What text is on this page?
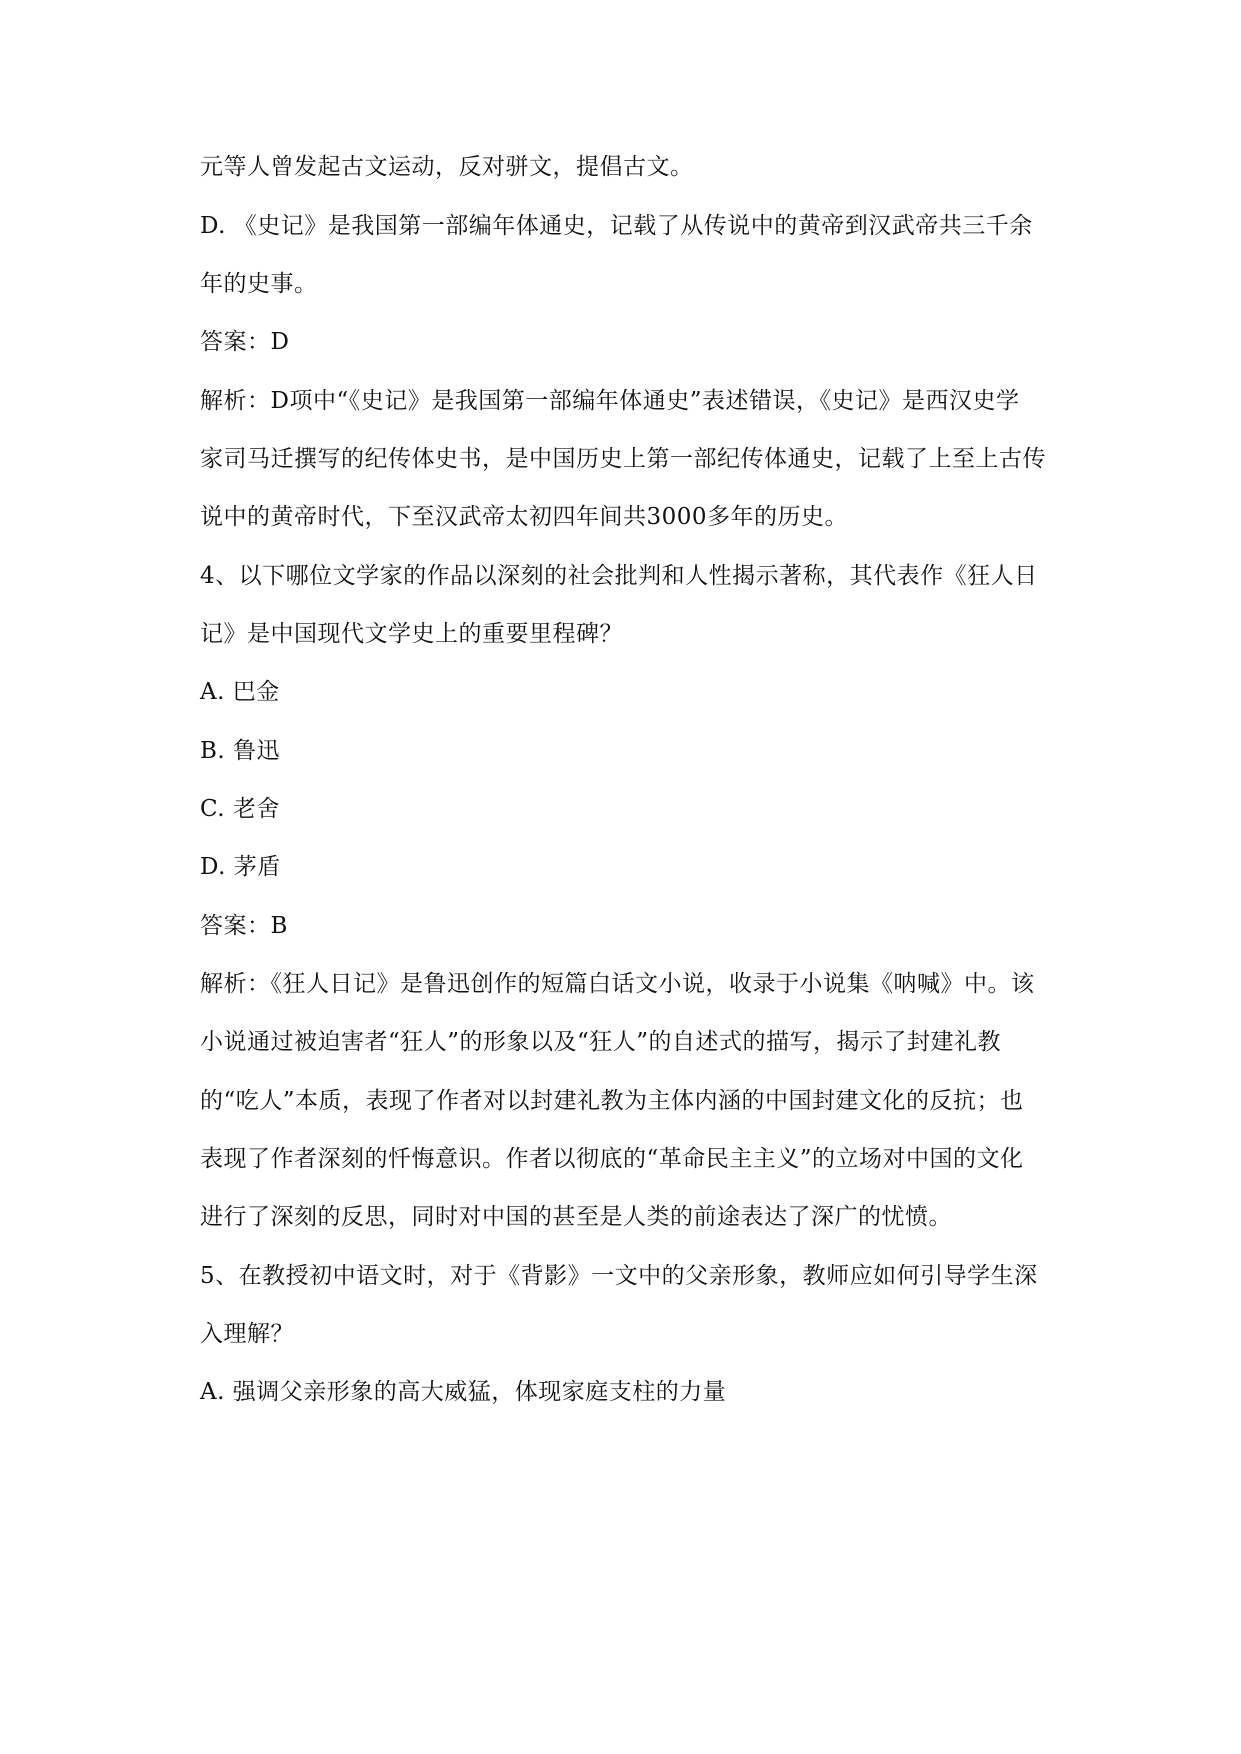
元等人曾发起古文运动，反对骈文，提倡古文。
D. 《史记》是我国第一部编年体通史，记载了从传说中的黄帝到汉武帝共三千余
年的史事。
答案：D
解析：D项中“《史记》是我国第一部编年体通史”表述错误，《史记》是西汉史学
家司马迁撰写的纪传体史书，是中国历史上第一部纪传体通史，记载了上至上古传
说中的黄帝时代，下至汉武帝太初四年间共3000多年的历史。
4、以下哪位文学家的作品以深刻的社会批判和人性揭示著称，其代表作《狂人日
记》是中国现代文学史上的重要里程碑？
A. 巴金
B. 鲁迅
C. 老舍
D. 茅盾
答案：B
解析：《狂人日记》是鲁迅创作的短篇白话文小说，收录于小说集《呐喊》中。该
小说通过被迫害者“狂人”的形象以及“狂人”的自述式的描写，揭示了封建礼教
的“吃人”本质，表现了作者对以封建礼教为主体内涵的中国封建文化的反抗；也
表现了作者深刻的忏悔意识。作者以彻底的“革命民主主义”的立场对中国的文化
进行了深刻的反思，同时对中国的甚至是人类的前途表达了深广的忧愤。
5、在教授初中语文时，对于《背影》一文中的父亲形象，教师应如何引导学生深
入理解？
A. 强调父亲形象的高大威猛，体现家庭支柱的力量
